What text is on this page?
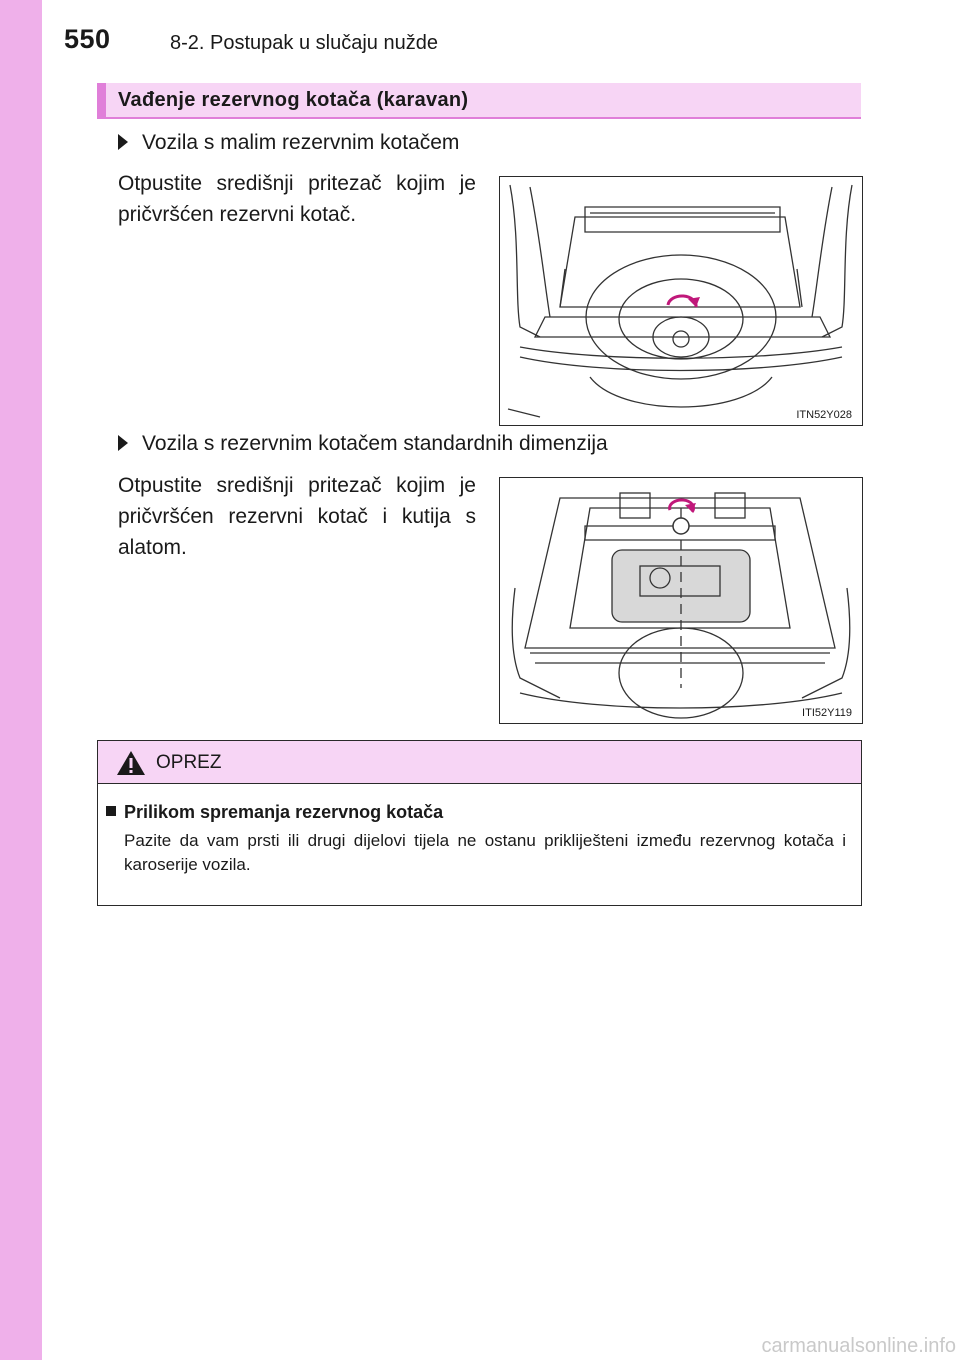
550	8-2. Postupak u slučaju nužde
Vađenje rezervnog kotača (karavan)
Vozila s malim rezervnim kotačem
Otpustite središnji pritezač kojim je pričvršćen rezervni kotač.
ITN52Y028
Vozila s rezervnim kotačem standardnih dimenzija
Otpustite središnji pritezač kojim je pričvršćen rezervni kotač i kutija s alatom.
ITI52Y119
OPREZ
Prilikom spremanja rezervnog kotača
Pazite da vam prsti ili drugi dijelovi tijela ne ostanu prikliješteni između rezervnog kotača i karoserije vozila.
carmanualsonline.info
